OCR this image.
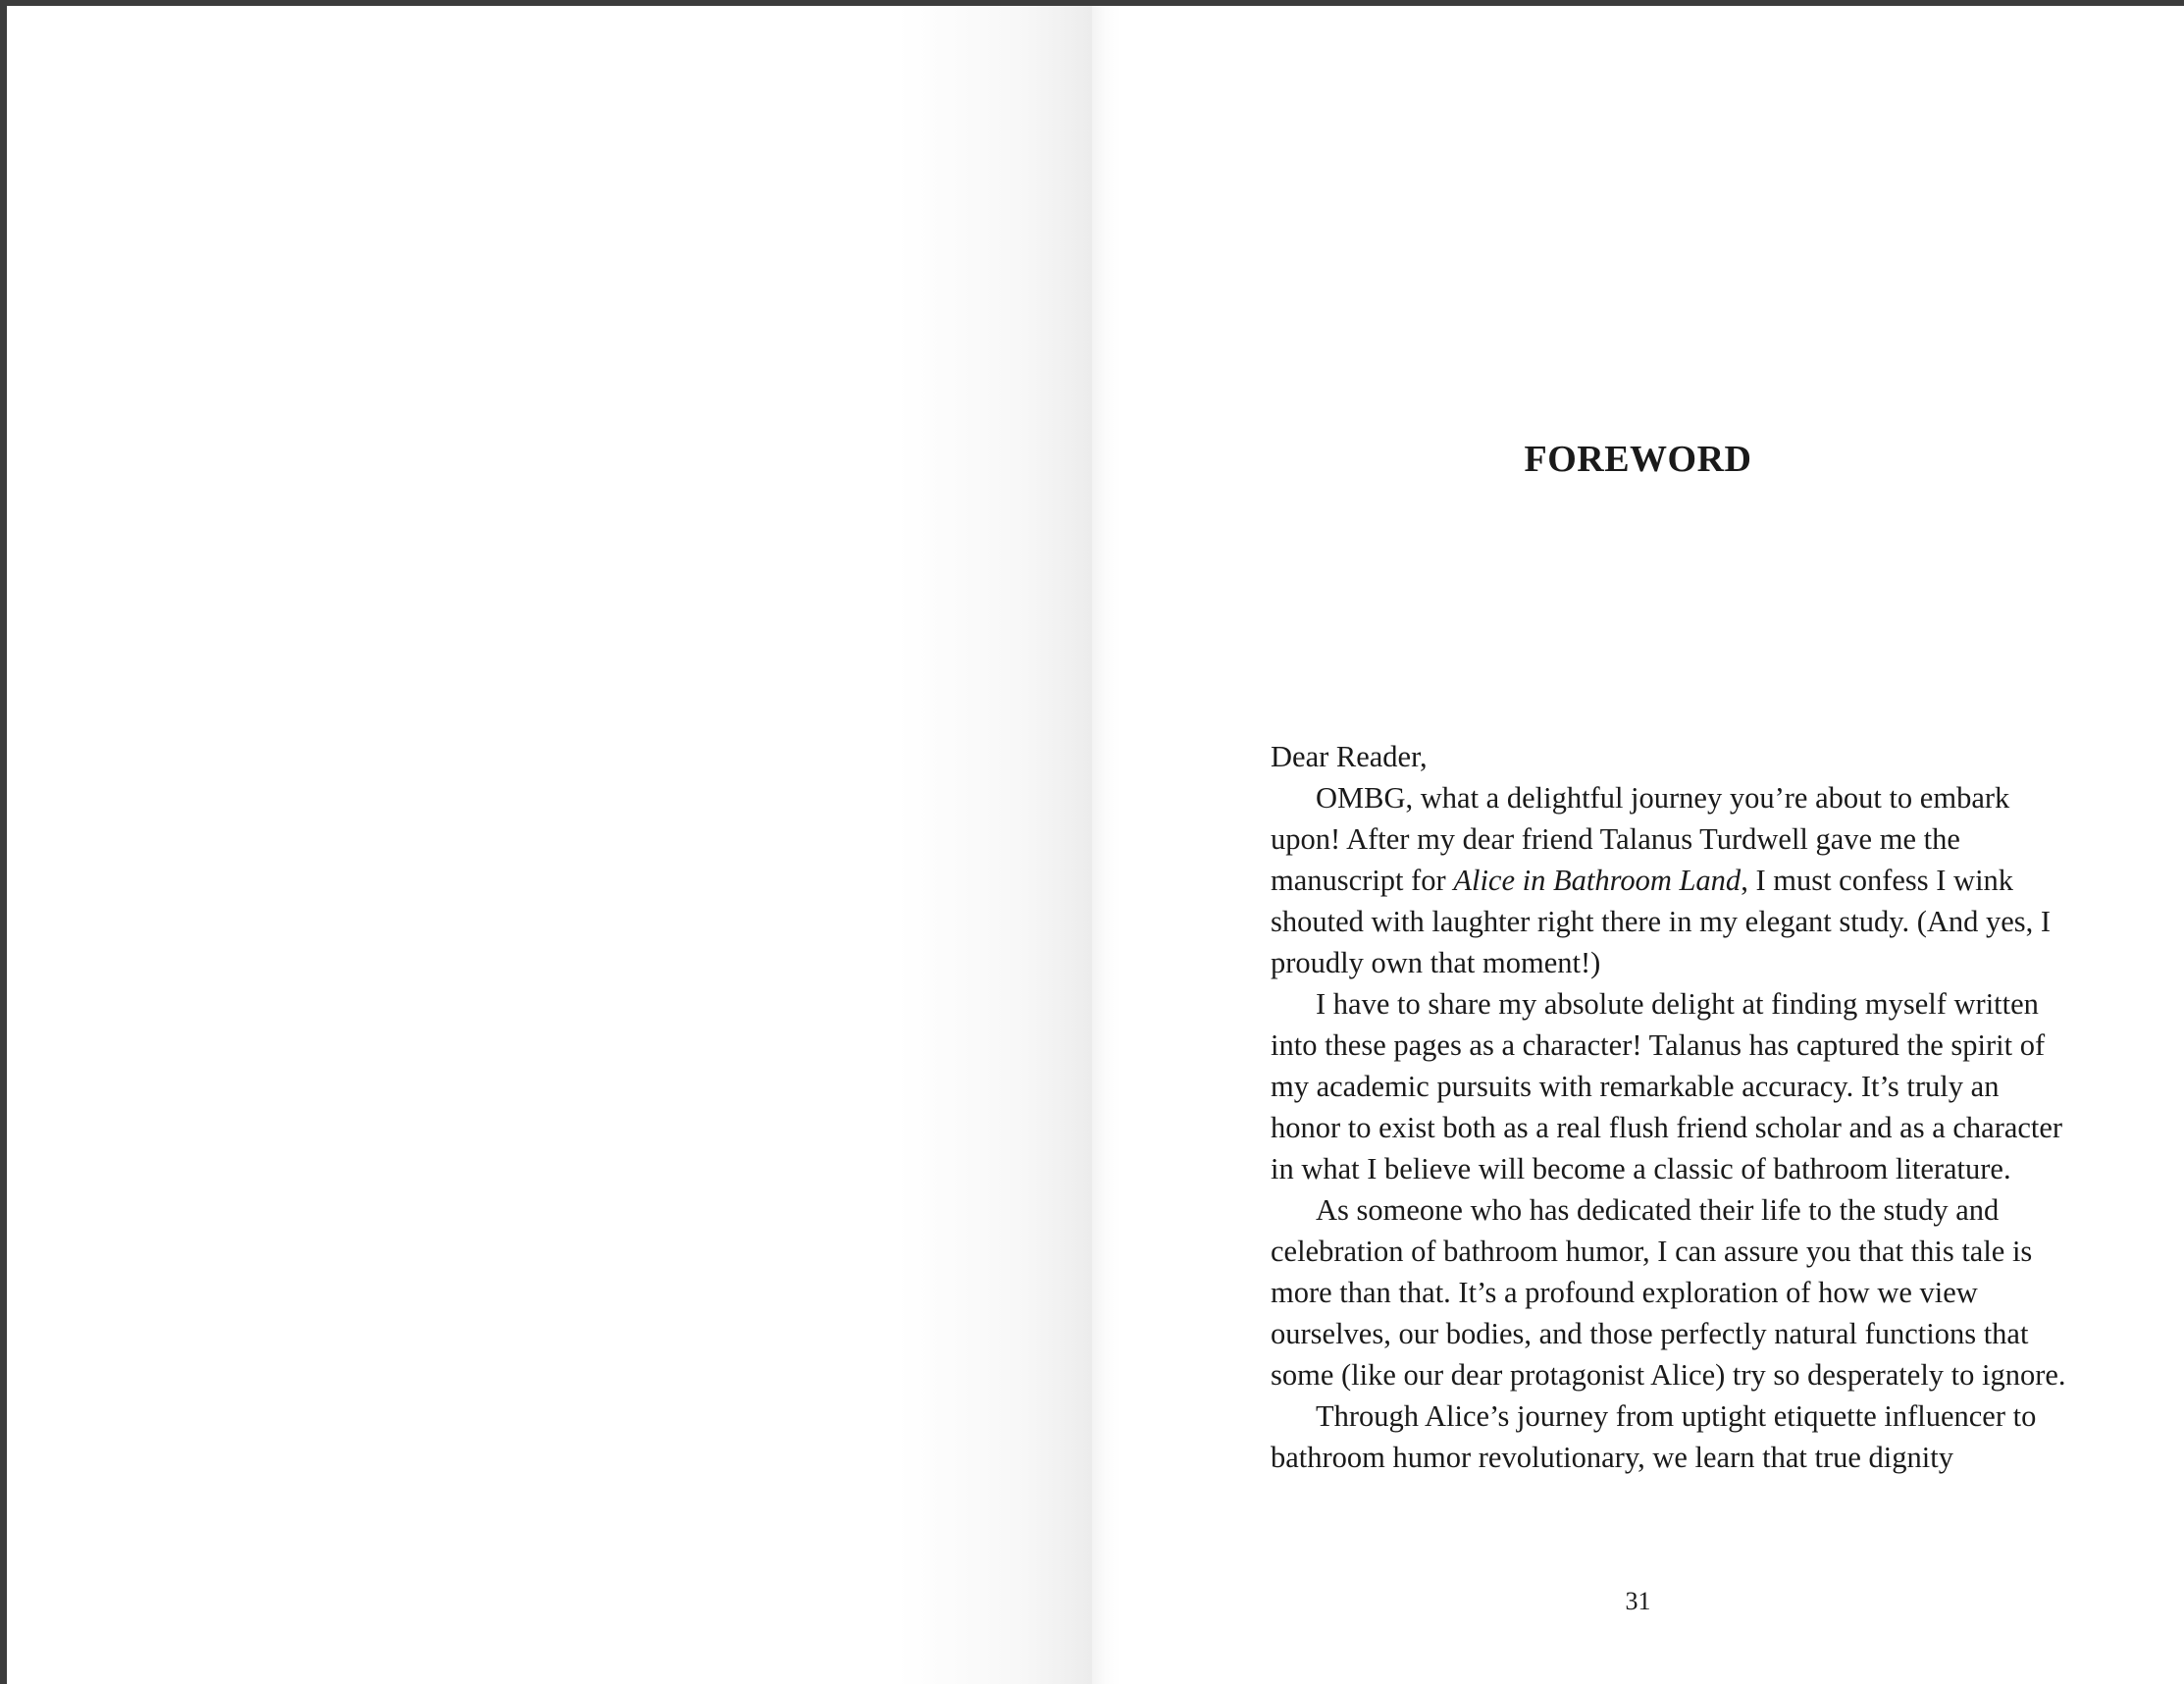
FOREWORD

Dear Reader,

OMBG, what a delightful journey you’re about to embark upon! After my dear friend Talanus Turdwell gave me the manuscript for Alice in Bathroom Land, I must confess I wink shouted with laughter right there in my elegant study. (And yes, I proudly own that moment!)

I have to share my absolute delight at finding myself written into these pages as a character! Talanus has captured the spirit of my academic pursuits with remarkable accuracy. It’s truly an honor to exist both as a real flush friend scholar and as a character in what I believe will become a classic of bathroom literature.

As someone who has dedicated their life to the study and celebration of bathroom humor, I can assure you that this tale is more than that. It’s a profound exploration of how we view ourselves, our bodies, and those perfectly natural functions that some (like our dear protagonist Alice) try so desperately to ignore.

Through Alice’s journey from uptight etiquette influencer to bathroom humor revolutionary, we learn that true dignity

31
